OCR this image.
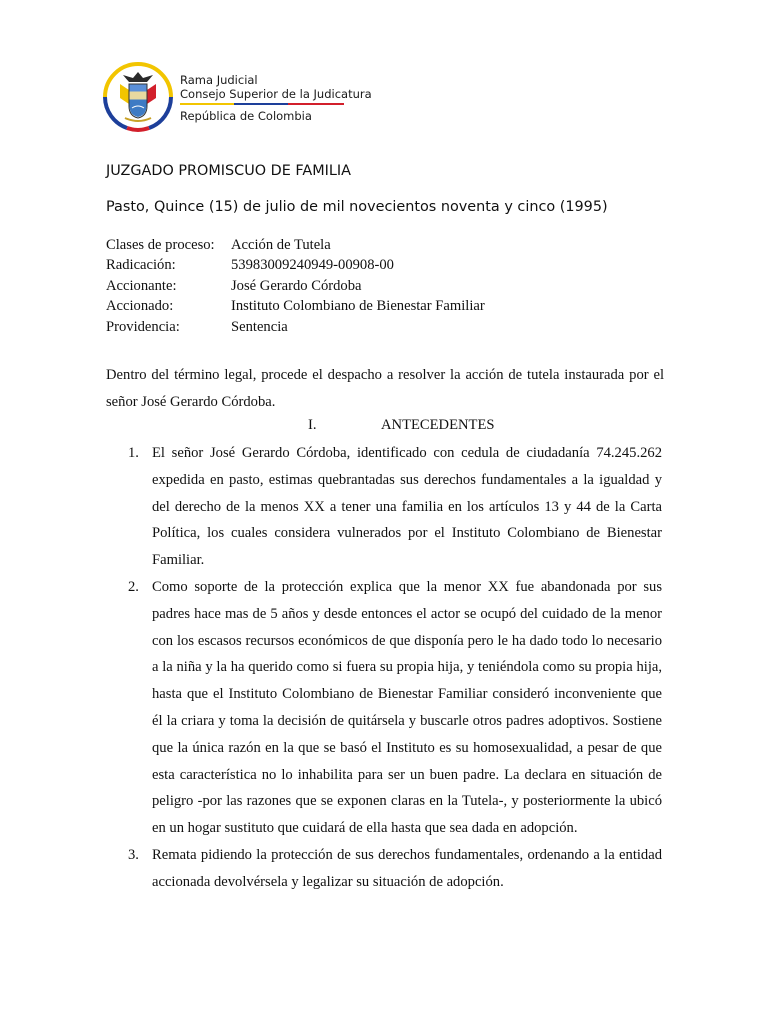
Rama Judicial
Consejo Superior de la Judicatura
República de Colombia
JUZGADO PROMISCUO DE FAMILIA
Pasto, Quince (15) de julio de mil novecientos noventa y cinco (1995)
Clases de proceso: Acción de Tutela
Radicación:	53983009240949-00908-00
Accionante:	José Gerardo Córdoba
Accionado:	Instituto Colombiano de Bienestar Familiar
Providencia:	Sentencia

Dentro del término legal, procede el despacho a resolver la acción de tutela instaurada por el señor José Gerardo Córdoba.

I.	ANTECEDENTES
1. El señor José Gerardo Córdoba, identificado con cedula de ciudadanía 74.245.262 expedida en pasto, estimas quebrantadas sus derechos fundamentales a la igualdad y del derecho de la menos XX a tener una familia en los artículos 13 y 44 de la Carta Política, los cuales considera vulnerados por el Instituto Colombiano de Bienestar Familiar.
2. Como soporte de la protección explica que la menor XX fue abandonada por sus padres hace mas de 5 años y desde entonces el actor se ocupó del cuidado de la menor con los escasos recursos económicos de que disponía pero le ha dado todo lo necesario a la niña y la ha querido como si fuera su propia hija, y teniéndola como su propia hija, hasta que el Instituto Colombiano de Bienestar Familiar consideró inconveniente que él la criara y toma la decisión de quitársela y buscarle otros padres adoptivos. Sostiene que la única razón en la que se basó el Instituto es su homosexualidad, a pesar de que esta característica no lo inhabilita para ser un buen padre. La declara en situación de peligro -por las razones que se exponen claras en la Tutela-, y posteriormente la ubicó en un hogar sustituto que cuidará de ella hasta que sea dada en adopción.
3. Remata pidiendo la protección de sus derechos fundamentales, ordenando a la entidad accionada devolvérsela y legalizar su situación de adopción.
